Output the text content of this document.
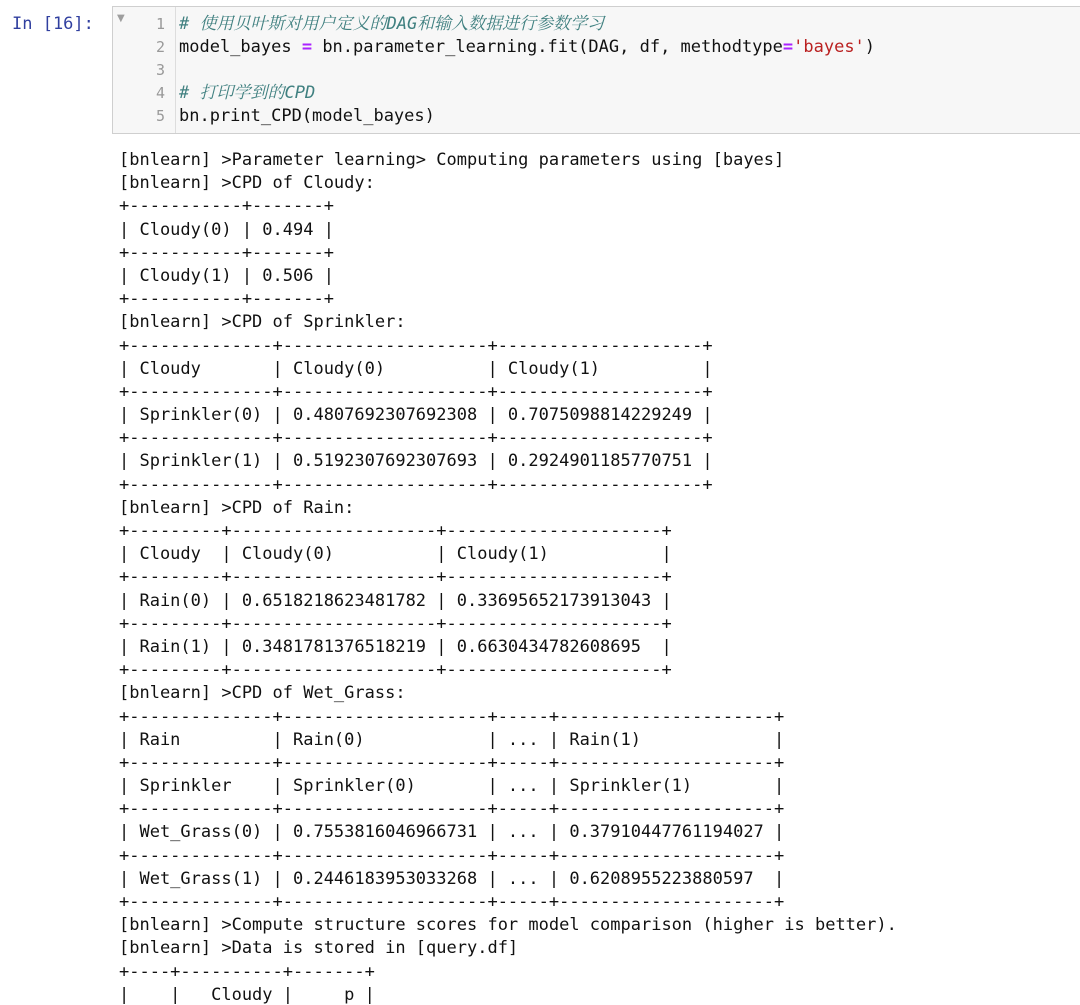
In [16]: ▼	1 # 使用贝叶斯对用户定义的DAG和输入数据进行参数学习
2 model_bayes = bn.parameter_learning.fit(DAG, df, methodtype='bayes')
3
4 # 打印学到的CPD
5 bn.print_CPD(model_bayes)
[bnlearn] >Parameter learning> Computing parameters using [bayes]
[bnlearn] >CPD of Cloudy:
+-----------+-------+
| Cloudy(0) | 0.494 |
+-----------+-------+
| Cloudy(1) | 0.506 |
+-----------+-------+
[bnlearn] >CPD of Sprinkler:
+--------------+--------------------+--------------------+
| Cloudy       | Cloudy(0)          | Cloudy(1)          |
+--------------+--------------------+--------------------+
| Sprinkler(0) | 0.4807692307692308 | 0.7075098814229249 |
+--------------+--------------------+--------------------+
| Sprinkler(1) | 0.5192307692307693 | 0.2924901185770751 |
+--------------+--------------------+--------------------+
[bnlearn] >CPD of Rain:
+---------+--------------------+---------------------+
| Cloudy  | Cloudy(0)          | Cloudy(1)           |
+---------+--------------------+---------------------+
| Rain(0) | 0.6518218623481782 | 0.33695652173913043 |
+---------+--------------------+---------------------+
| Rain(1) | 0.3481781376518219 | 0.6630434782608695  |
+---------+--------------------+---------------------+
[bnlearn] >CPD of Wet_Grass:
+--------------+--------------------+-----+---------------------+
| Rain         | Rain(0)            | ... | Rain(1)             |
+--------------+--------------------+-----+---------------------+
| Sprinkler    | Sprinkler(0)       | ... | Sprinkler(1)        |
+--------------+--------------------+-----+---------------------+
| Wet_Grass(0) | 0.7553816046966731 | ... | 0.37910447761194027 |
+--------------+--------------------+-----+---------------------+
| Wet_Grass(1) | 0.2446183953033268 | ... | 0.6208955223880597  |
+--------------+--------------------+-----+---------------------+
[bnlearn] >Compute structure scores for model comparison (higher is better).
[bnlearn] >Data is stored in [query.df]
+----+----------+-------+
|    |   Cloudy |     p |
